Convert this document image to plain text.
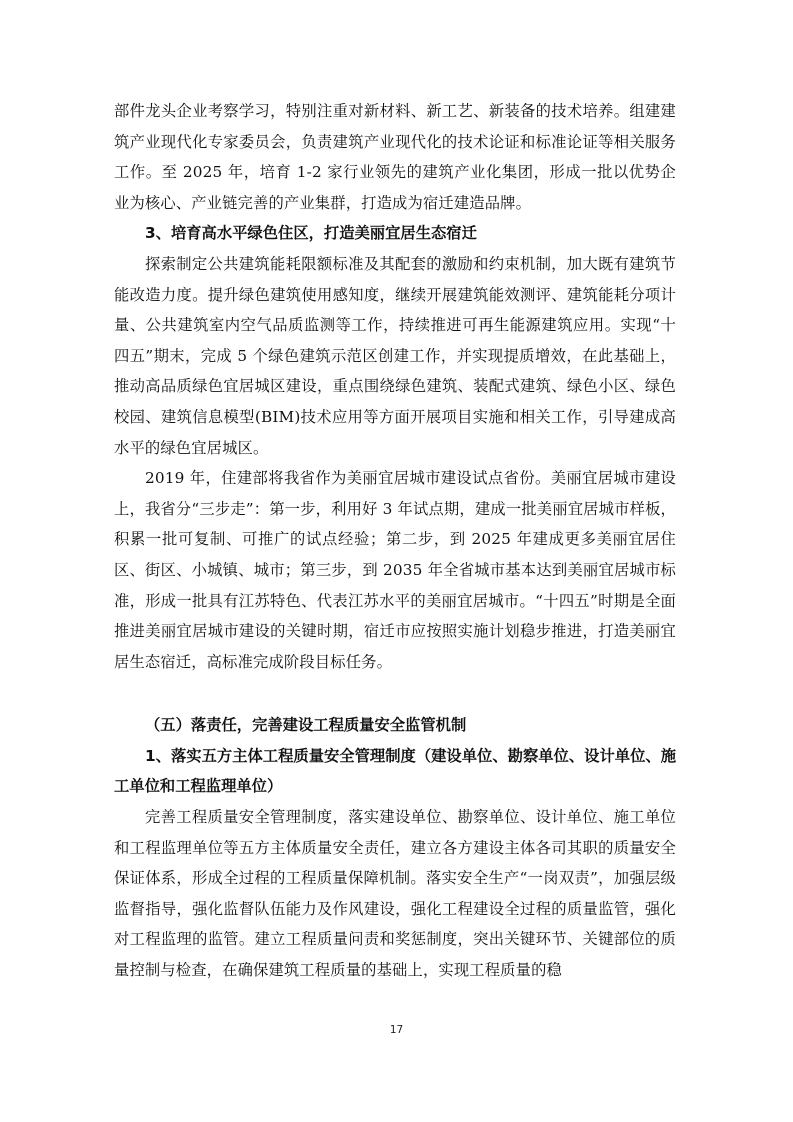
部件龙头企业考察学习，特别注重对新材料、新工艺、新装备的技术培养。组建建筑产业现代化专家委员会，负责建筑产业现代化的技术论证和标准论证等相关服务工作。至 2025 年，培育 1-2 家行业领先的建筑产业化集团，形成一批以优势企业为核心、产业链完善的产业集群，打造成为宿迁建造品牌。

3、培育高水平绿色住区，打造美丽宜居生态宿迁

探索制定公共建筑能耗限额标准及其配套的激励和约束机制，加大既有建筑节能改造力度。提升绿色建筑使用感知度，继续开展建筑能效测评、建筑能耗分项计量、公共建筑室内空气品质监测等工作，持续推进可再生能源建筑应用。实现“十四五”期末，完成 5 个绿色建筑示范区创建工作，并实现提质增效，在此基础上，推动高品质绿色宜居城区建设，重点围绕绿色建筑、装配式建筑、绿色小区、绿色校园、建筑信息模型(BIM)技术应用等方面开展项目实施和相关工作，引导建成高水平的绿色宜居城区。

2019 年，住建部将我省作为美丽宜居城市建设试点省份。美丽宜居城市建设上，我省分“三步走”：第一步，利用好 3 年试点期，建成一批美丽宜居城市样板，积累一批可复制、可推广的试点经验；第二步，到 2025 年建成更多美丽宜居住区、街区、小城镇、城市；第三步，到 2035 年全省城市基本达到美丽宜居城市标准，形成一批具有江苏特色、代表江苏水平的美丽宜居城市。“十四五”时期是全面推进美丽宜居城市建设的关键时期，宿迁市应按照实施计划稳步推进，打造美丽宜居生态宿迁，高标准完成阶段目标任务。

（五）落责任，完善建设工程质量安全监管机制

1、落实五方主体工程质量安全管理制度（建设单位、勘察单位、设计单位、施工单位和工程监理单位）

完善工程质量安全管理制度，落实建设单位、勘察单位、设计单位、施工单位和工程监理单位等五方主体质量安全责任，建立各方建设主体各司其职的质量安全保证体系，形成全过程的工程质量保障机制。落实安全生产“一岗双责”，加强层级监督指导，强化监督队伍能力及作风建设，强化工程建设全过程的质量监管，强化对工程监理的监管。建立工程质量问责和奖惩制度，突出关键环节、关键部位的质量控制与检查，在确保建筑工程质量的基础上，实现工程质量的稳

17
